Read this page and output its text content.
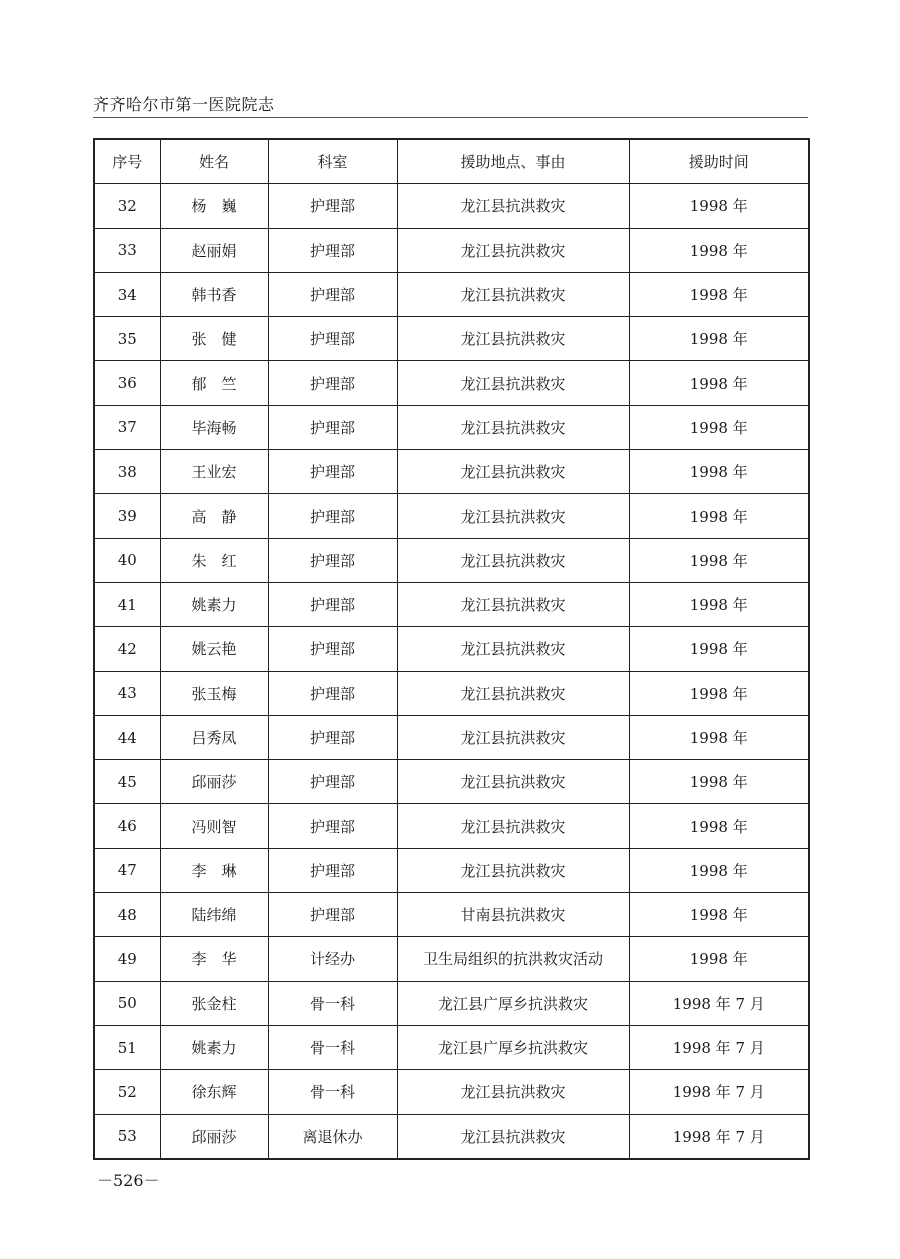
齐齐哈尔市第一医院院志
序号	姓名	科室	援助地点、事由	援助时间
32	杨　巍	护理部	龙江县抗洪救灾	1998 年
33	赵丽娟	护理部	龙江县抗洪救灾	1998 年
34	韩书香	护理部	龙江县抗洪救灾	1998 年
35	张　健	护理部	龙江县抗洪救灾	1998 年
36	郁　竺	护理部	龙江县抗洪救灾	1998 年
37	毕海畅	护理部	龙江县抗洪救灾	1998 年
38	王业宏	护理部	龙江县抗洪救灾	1998 年
39	高　静	护理部	龙江县抗洪救灾	1998 年
40	朱　红	护理部	龙江县抗洪救灾	1998 年
41	姚素力	护理部	龙江县抗洪救灾	1998 年
42	姚云艳	护理部	龙江县抗洪救灾	1998 年
43	张玉梅	护理部	龙江县抗洪救灾	1998 年
44	吕秀凤	护理部	龙江县抗洪救灾	1998 年
45	邱丽莎	护理部	龙江县抗洪救灾	1998 年
46	冯则智	护理部	龙江县抗洪救灾	1998 年
47	李　琳	护理部	龙江县抗洪救灾	1998 年
48	陆纬绵	护理部	甘南县抗洪救灾	1998 年
49	李　华	计经办	卫生局组织的抗洪救灾活动	1998 年
50	张金柱	骨一科	龙江县广厚乡抗洪救灾	1998 年 7 月
51	姚素力	骨一科	龙江县广厚乡抗洪救灾	1998 年 7 月
52	徐东辉	骨一科	龙江县抗洪救灾	1998 年 7 月
53	邱丽莎	离退休办	龙江县抗洪救灾	1998 年 7 月
－526－
